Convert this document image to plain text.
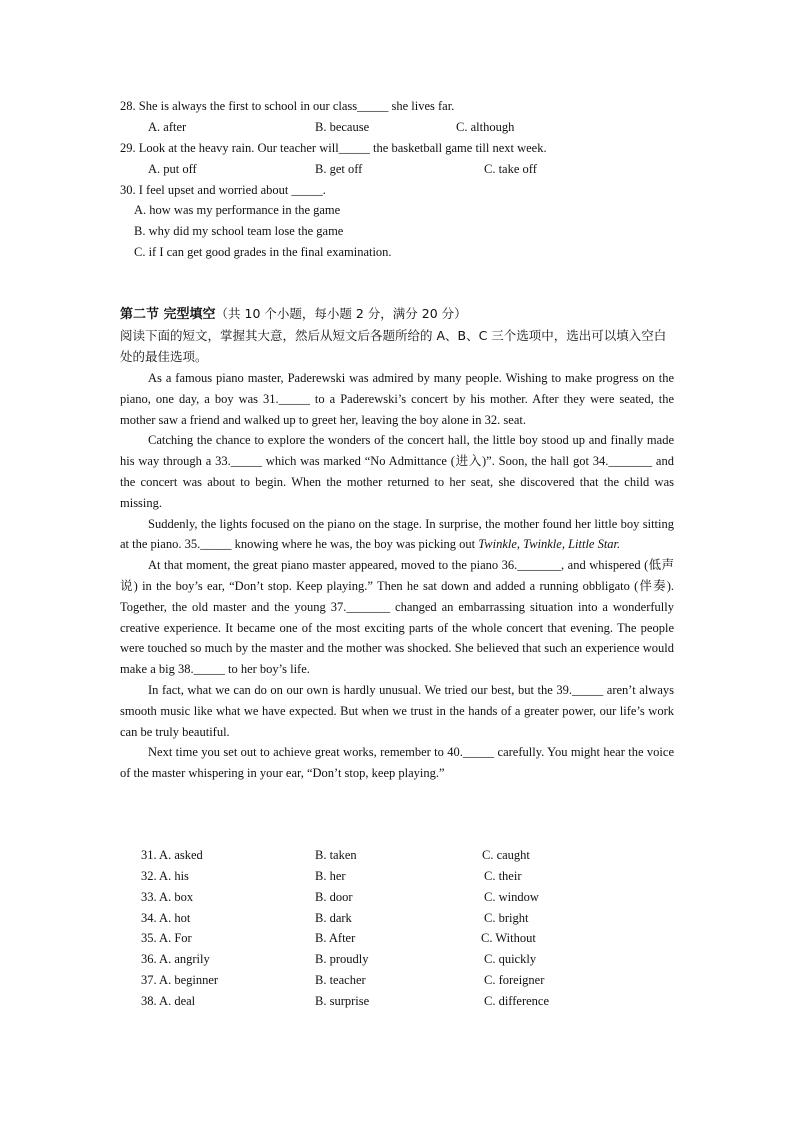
28. She is always the first to school in our class_____ she lives far.
A. after	B. because	C. although
29. Look at the heavy rain. Our teacher will_____ the basketball game till next week.
A. put off	B. get off	C. take off
30. I feel upset and worried about _____.
A. how was my performance in the game
B. why did my school team lose the game
C. if I can get good grades in the final examination.
第二节 完型填空（共 10 个小题，每小题 2 分，满分 20 分）
阅读下面的短文，掌握其大意，然后从短文后各题所给的 A、B、C 三个选项中，选出可以填入空白处的最佳选项。

As a famous piano master, Paderewski was admired by many people. Wishing to make progress on the piano, one day, a boy was 31._____ to a Paderewski’s concert by his mother. After they were seated, the mother saw a friend and walked up to greet her, leaving the boy alone in 32. seat.

Catching the chance to explore the wonders of the concert hall, the little boy stood up and finally made his way through a 33._____ which was marked “No Admittance (进入)”. Soon, the hall got 34._______ and the concert was about to begin. When the mother returned to her seat, she discovered that the child was missing.

Suddenly, the lights focused on the piano on the stage. In surprise, the mother found her little boy sitting at the piano. 35._____ knowing where he was, the boy was picking out Twinkle, Twinkle, Little Star.

At that moment, the great piano master appeared, moved to the piano 36._______, and whispered (低声说) in the boy’s ear, “Don’t stop. Keep playing.” Then he sat down and added a running obbligato (伴奏). Together, the old master and the young 37._______ changed an embarrassing situation into a wonderfully creative experience. It became one of the most exciting parts of the whole concert that evening. The people were touched so much by the master and the mother was shocked. She believed that such an experience would make a big 38._____ to her boy’s life.

In fact, what we can do on our own is hardly unusual. We tried our best, but the 39._____ aren’t always smooth music like what we have expected. But when we trust in the hands of a greater power, our life’s work can be truly beautiful.

Next time you set out to achieve great works, remember to 40._____ carefully. You might hear the voice of the master whispering in your ear, “Don’t stop, keep playing.”

31. A. asked	B. taken	C. caught
32. A. his	B. her	C. their
33. A. box	B. door	C. window
34. A. hot	B. dark	C. bright
35. A. For	B. After	C. Without
36. A. angrily	B. proudly	C. quickly
37. A. beginner	B. teacher	C. foreigner
38. A. deal	B. surprise	C. difference
